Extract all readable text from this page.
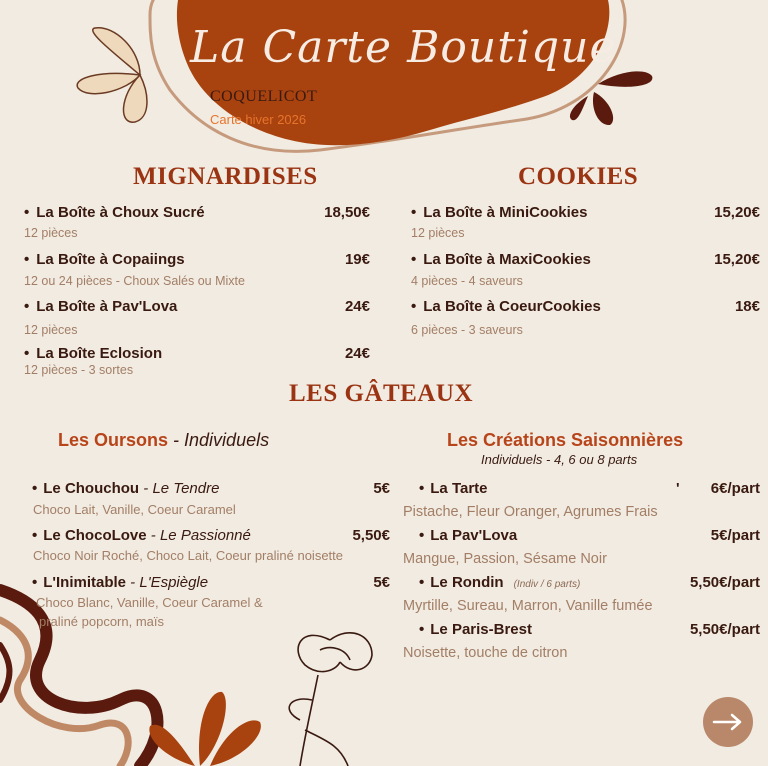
La Carte Boutique
COQUELICOT
Carte hiver 2026
MIGNARDISES
• La Boîte à Choux Sucré	18,50€
12 pièces
• La Boîte à Copaiings	19€
12 ou 24 pièces - Choux Salés ou Mixte
• La Boîte à Pav'Lova	24€
12 pièces
• La Boîte Eclosion	24€
12 pièces - 3 sortes
COOKIES
• La Boîte à MiniCookies	15,20€
12 pièces
• La Boîte à MaxiCookies	15,20€
4 pièces - 4 saveurs
• La Boîte à CoeurCookies	18€
6 pièces - 3 saveurs
LES GÂTEAUX
Les Oursons - Individuels
• Le Chouchou - Le Tendre	5€
Choco Lait, Vanille, Coeur Caramel
• Le ChocoLove - Le Passionné	5,50€
Choco Noir Roché, Choco Lait, Coeur praliné noisette
• L'Inimitable - L'Espiègle	5€
Choco Blanc, Vanille, Coeur Caramel &
praliné popcorn, maïs
Les Créations Saisonnières
Individuels - 4, 6 ou 8 parts
• La Tarte	'	6€/part
Pistache, Fleur Oranger, Agrumes Frais
• La Pav'Lova	5€/part
Mangue, Passion, Sésame Noir
• Le Rondin (Indiv / 6 parts)	5,50€/part
Myrtille, Sureau, Marron, Vanille fumée
• Le Paris-Brest	5,50€/part
Noisette, touche de citron
